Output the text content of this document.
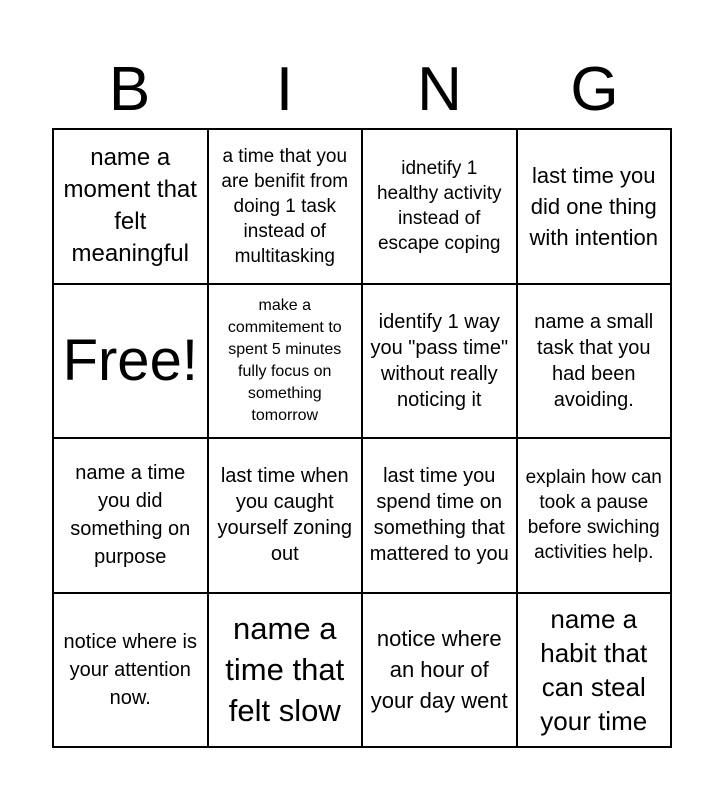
B	I	N	G
name a moment that felt meaningful
a time that you are benifit from doing 1 task instead of multitasking
idnetify 1 healthy activity instead of escape coping
last time you did one thing with intention
Free!
make a commitement to spent 5 minutes fully focus on something tomorrow
identify 1 way you "pass time" without really noticing it
name a small task that you had been avoiding.
name a time you did something on purpose
last time when you caught yourself zoning out
last time you spend time on something that mattered to you
explain how can took a pause before swiching activities help.
notice where is your attention now.
name a time that felt slow
notice where an hour of your day went
name a habit that can steal your time
